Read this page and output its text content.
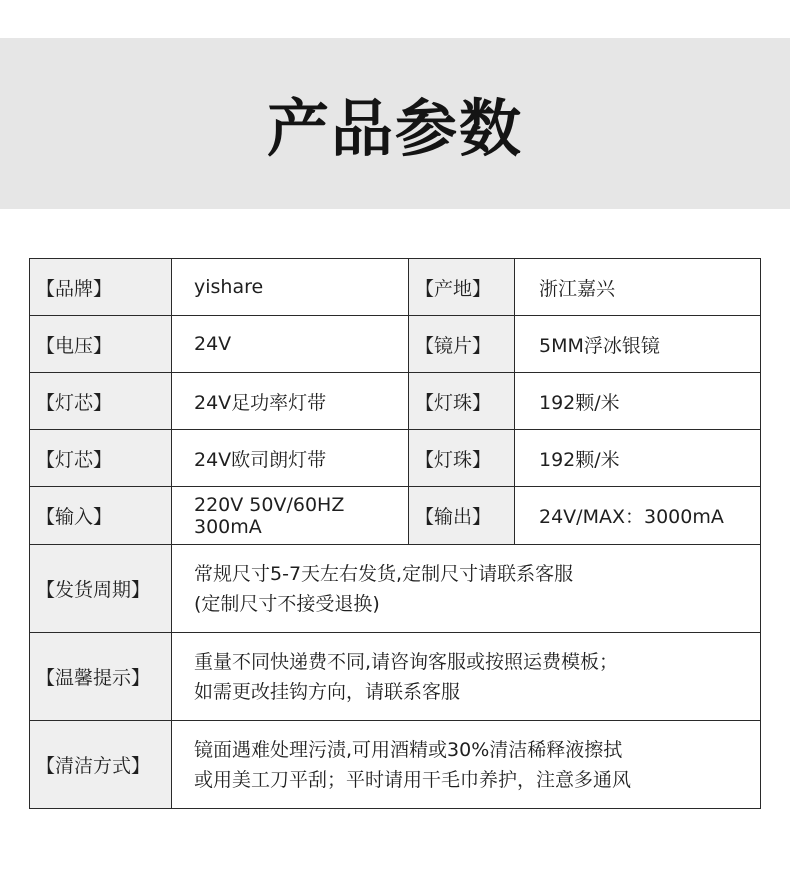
产品参数
【品牌】	yishare	【产地】	浙江嘉兴
【电压】	24V	【镜片】	5MM浮冰银镜
【灯芯】	24V足功率灯带	【灯珠】	192颗/米
【灯芯】	24V欧司朗灯带	【灯珠】	192颗/米
【输入】	220V 50V/60HZ 300mA	【输出】	24V/MAX：3000mA
【发货周期】	常规尺寸5-7天左右发货,定制尺寸请联系客服
(定制尺寸不接受退换)		

【温馨提示】	重量不同快递费不同,请咨询客服或按照运费模板；
如需更改挂钩方向，请联系客服		

【清洁方式】	镜面遇难处理污渍,可用酒精或30%清洁稀释液擦拭
或用美工刀平刮；平时请用干毛巾养护，注意多通风		
